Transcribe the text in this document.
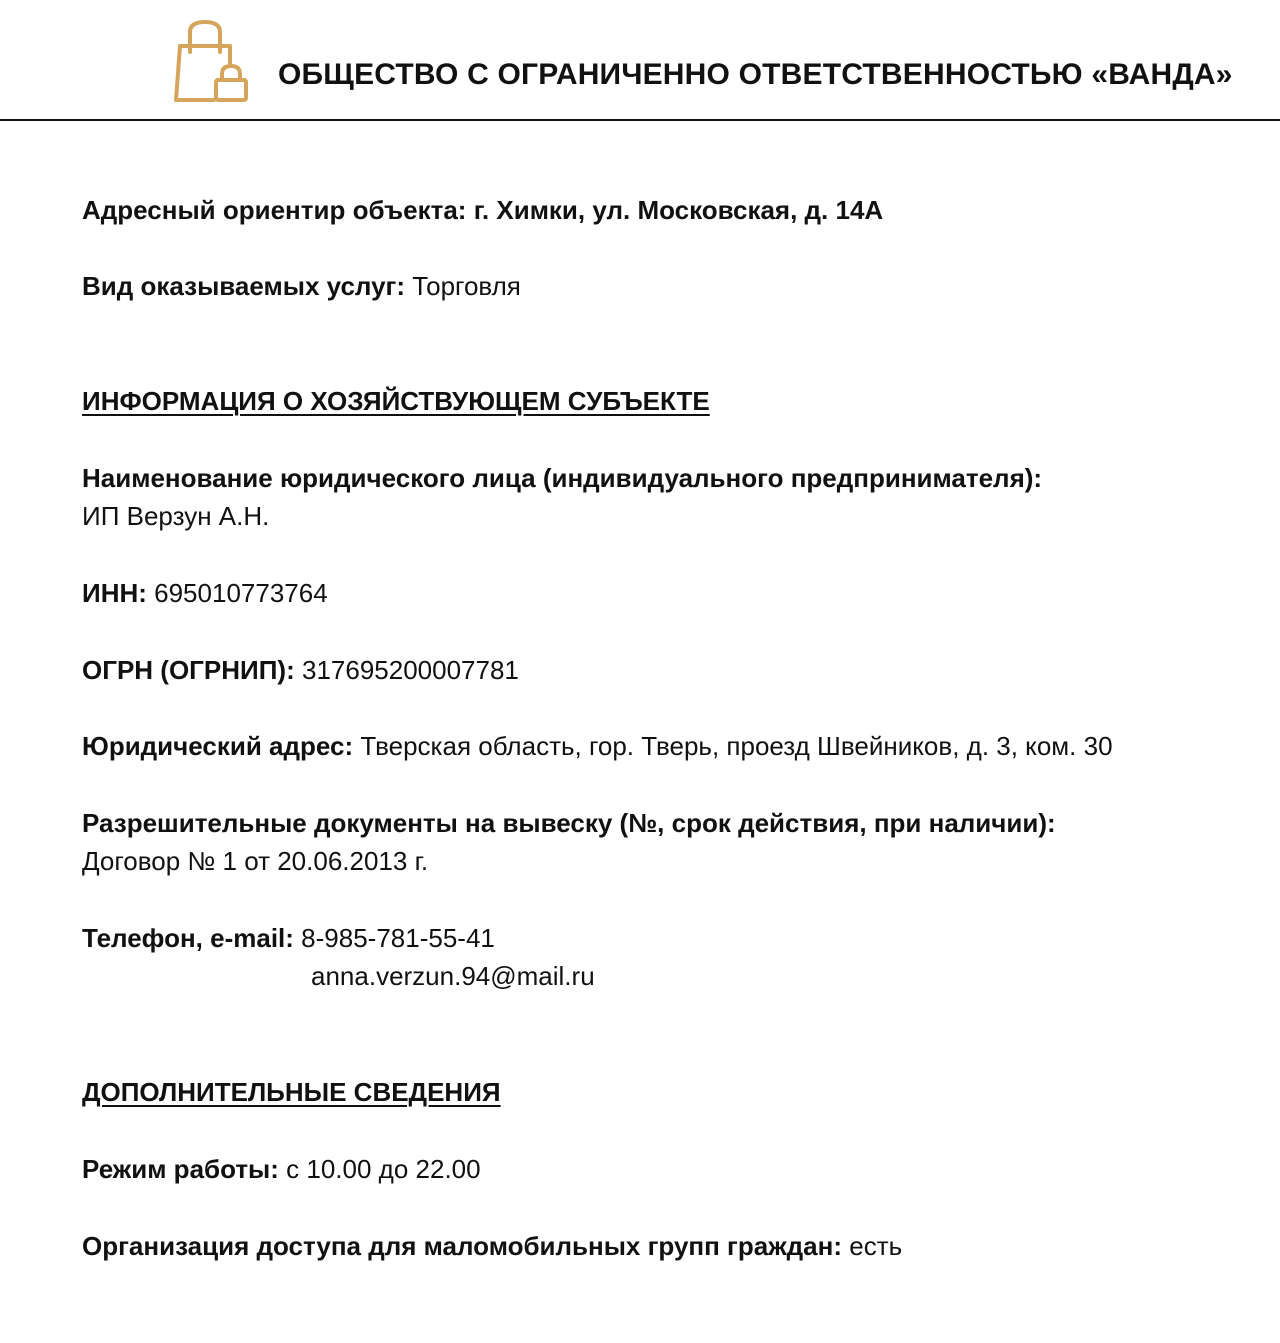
ОБЩЕСТВО С ОГРАНИЧЕННО ОТВЕТСТВЕННОСТЬЮ «ВАНДА»
Адресный ориентир объекта: г. Химки, ул. Московская, д. 14А
Вид оказываемых услуг: Торговля
ИНФОРМАЦИЯ О ХОЗЯЙСТВУЮЩЕМ СУБЪЕКТЕ
Наименование юридического лица (индивидуального предпринимателя):
ИП Верзун А.Н.
ИНН: 695010773764
ОГРН (ОГРНИП): 317695200007781
Юридический адрес: Тверская область, гор. Тверь, проезд Швейников, д. 3, ком. 30
Разрешительные документы на вывеску (№, срок действия, при наличии):
Договор № 1 от 20.06.2013 г.
Телефон, e-mail: 8-985-781-55-41
anna.verzun.94@mail.ru
ДОПОЛНИТЕЛЬНЫЕ СВЕДЕНИЯ
Режим работы: с 10.00 до 22.00
Организация доступа для маломобильных групп граждан: есть
